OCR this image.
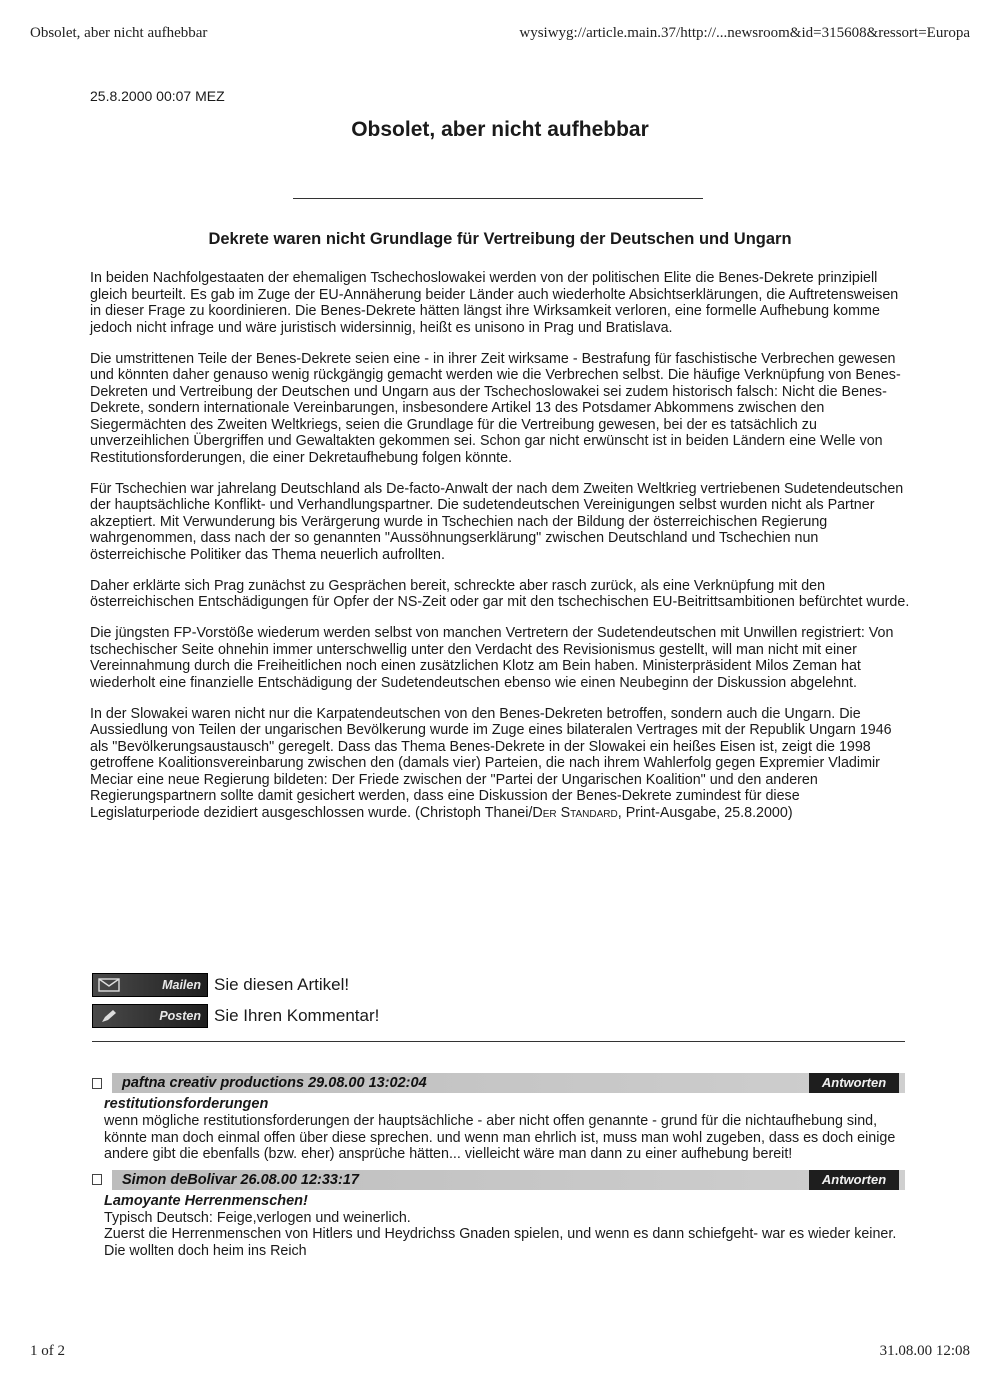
Obsolet, aber nicht aufhebbar	wysiwyg://article.main.37/http://...newsroom&id=315608&ressort=Europa
25.8.2000 00:07 MEZ
Obsolet, aber nicht aufhebbar
Dekrete waren nicht Grundlage für Vertreibung der Deutschen und Ungarn

In beiden Nachfolgestaaten der ehemaligen Tschechoslowakei werden von der politischen Elite die Benes-Dekrete prinzipiell gleich beurteilt. Es gab im Zuge der EU-Annäherung beider Länder auch wiederholte Absichtserklärungen, die Auftretensweisen in dieser Frage zu koordinieren. Die Benes-Dekrete hätten längst ihre Wirksamkeit verloren, eine formelle Aufhebung komme jedoch nicht infrage und wäre juristisch widersinnig, heißt es unisono in Prag und Bratislava.

Die umstrittenen Teile der Benes-Dekrete seien eine - in ihrer Zeit wirksame - Bestrafung für faschistische Verbrechen gewesen und könnten daher genauso wenig rückgängig gemacht werden wie die Verbrechen selbst. Die häufige Verknüpfung von Benes-Dekreten und Vertreibung der Deutschen und Ungarn aus der Tschechoslowakei sei zudem historisch falsch: Nicht die Benes-Dekrete, sondern internationale Vereinbarungen, insbesondere Artikel 13 des Potsdamer Abkommens zwischen den Siegermächten des Zweiten Weltkriegs, seien die Grundlage für die Vertreibung gewesen, bei der es tatsächlich zu unverzeihlichen Übergriffen und Gewaltakten gekommen sei. Schon gar nicht erwünscht ist in beiden Ländern eine Welle von Restitutionsforderungen, die einer Dekretaufhebung folgen könnte.

Für Tschechien war jahrelang Deutschland als De-facto-Anwalt der nach dem Zweiten Weltkrieg vertriebenen Sudetendeutschen der hauptsächliche Konflikt- und Verhandlungspartner. Die sudetendeutschen Vereinigungen selbst wurden nicht als Partner akzeptiert. Mit Verwunderung bis Verärgerung wurde in Tschechien nach der Bildung der österreichischen Regierung wahrgenommen, dass nach der so genannten "Aussöhnungserklärung" zwischen Deutschland und Tschechien nun österreichische Politiker das Thema neuerlich aufrollten.

Daher erklärte sich Prag zunächst zu Gesprächen bereit, schreckte aber rasch zurück, als eine Verknüpfung mit den österreichischen Entschädigungen für Opfer der NS-Zeit oder gar mit den tschechischen EU-Beitrittsambitionen befürchtet wurde.

Die jüngsten FP-Vorstöße wiederum werden selbst von manchen Vertretern der Sudetendeutschen mit Unwillen registriert: Von tschechischer Seite ohnehin immer unterschwellig unter den Verdacht des Revisionismus gestellt, will man nicht mit einer Vereinnahmung durch die Freiheitlichen noch einen zusätzlichen Klotz am Bein haben. Ministerpräsident Milos Zeman hat wiederholt eine finanzielle Entschädigung der Sudetendeutschen ebenso wie einen Neubeginn der Diskussion abgelehnt.

In der Slowakei waren nicht nur die Karpatendeutschen von den Benes-Dekreten betroffen, sondern auch die Ungarn. Die Aussiedlung von Teilen der ungarischen Bevölkerung wurde im Zuge eines bilateralen Vertrages mit der Republik Ungarn 1946 als "Bevölkerungsaustausch" geregelt. Dass das Thema Benes-Dekrete in der Slowakei ein heißes Eisen ist, zeigt die 1998 getroffene Koalitionsvereinbarung zwischen den (damals vier) Parteien, die nach ihrem Wahlerfolg gegen Expremier Vladimir Meciar eine neue Regierung bildeten: Der Friede zwischen der "Partei der Ungarischen Koalition" und den anderen Regierungspartnern sollte damit gesichert werden, dass eine Diskussion der Benes-Dekrete zumindest für diese Legislaturperiode dezidiert ausgeschlossen wurde. (Christoph Thanei/Der Standard, Print-Ausgabe, 25.8.2000)

Mailen Sie diesen Artikel!
Posten Sie Ihren Kommentar!
paftna creativ productions 29.08.00 13:02:04	Antworten
restitutionsforderungen
wenn mögliche restitutionsforderungen der hauptsächliche - aber nicht offen genannte - grund für die nichtaufhebung sind, könnte man doch einmal offen über diese sprechen. und wenn man ehrlich ist, muss man wohl zugeben, dass es doch einige andere gibt die ebenfalls (bzw. eher) ansprüche hätten... vielleicht wäre man dann zu einer aufhebung bereit!
Simon deBolivar 26.08.00 12:33:17	Antworten
Lamoyante Herrenmenschen!
Typisch Deutsch: Feige,verlogen und weinerlich.
Zuerst die Herrenmenschen von Hitlers und Heydrichss Gnaden spielen, und wenn es dann schiefgeht- war es wieder keiner. Die wollten doch heim ins Reich
1 of 2	31.08.00 12:08
